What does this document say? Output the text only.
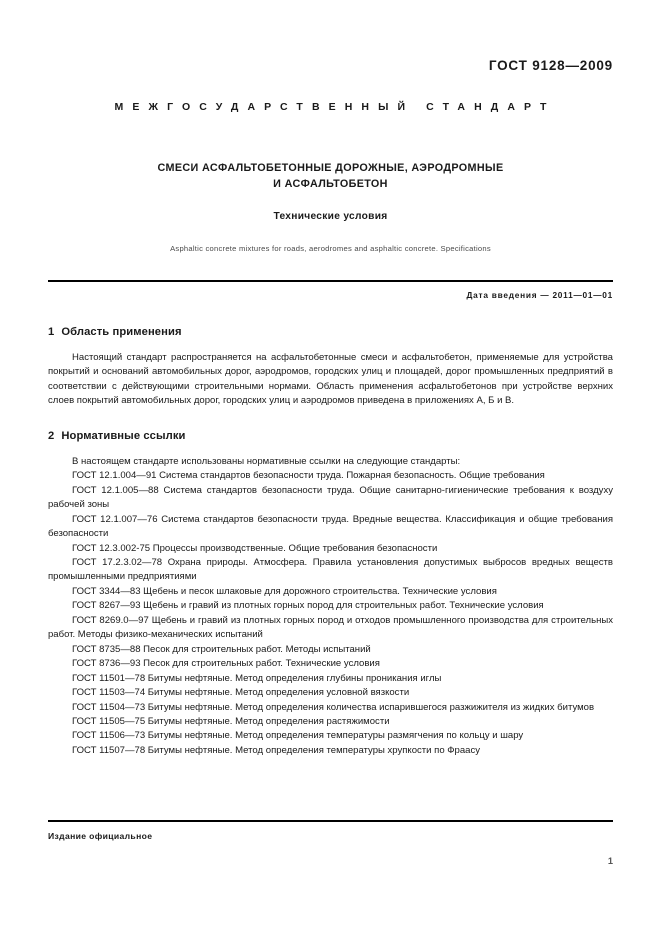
ГОСТ 9128—2009
МЕЖГОСУДАРСТВЕННЫЙ СТАНДАРТ
СМЕСИ АСФАЛЬТОБЕТОННЫЕ ДОРОЖНЫЕ, АЭРОДРОМНЫЕ
И АСФАЛЬТОБЕТОН
Технические условия
Asphaltic concrete mixtures for roads, aerodromes and asphaltic concrete. Specifications
Дата введения — 2011—01—01
1 Область применения

Настоящий стандарт распространяется на асфальтобетонные смеси и асфальтобетон, применяемые для устройства покрытий и оснований автомобильных дорог, аэродромов, городских улиц и площадей, дорог промышленных предприятий в соответствии с действующими строительными нормами. Область применения асфальтобетонов при устройстве верхних слоев покрытий автомобильных дорог, городских улиц и аэродромов приведена в приложениях А, Б и В.

2 Нормативные ссылки

В настоящем стандарте использованы нормативные ссылки на следующие стандарты:

ГОСТ 12.1.004—91 Система стандартов безопасности труда. Пожарная безопасность. Общие требования
ГОСТ 12.1.005—88 Система стандартов безопасности труда. Общие санитарно-гигиенические требования к воздуху рабочей зоны
ГОСТ 12.1.007—76 Система стандартов безопасности труда. Вредные вещества. Классификация и общие требования безопасности
ГОСТ 12.3.002-75 Процессы производственные. Общие требования безопасности
ГОСТ 17.2.3.02—78 Охрана природы. Атмосфера. Правила установления допустимых выбросов вредных веществ промышленными предприятиями
ГОСТ 3344—83 Щебень и песок шлаковые для дорожного строительства. Технические условия
ГОСТ 8267—93 Щебень и гравий из плотных горных пород для строительных работ. Технические условия
ГОСТ 8269.0—97 Щебень и гравий из плотных горных пород и отходов промышленного производства для строительных работ. Методы физико-механических испытаний
ГОСТ 8735—88 Песок для строительных работ. Методы испытаний
ГОСТ 8736—93 Песок для строительных работ. Технические условия
ГОСТ 11501—78 Битумы нефтяные. Метод определения глубины проникания иглы
ГОСТ 11503—74 Битумы нефтяные. Метод определения условной вязкости
ГОСТ 11504—73 Битумы нефтяные. Метод определения количества испарившегося разжижителя из жидких битумов
ГОСТ 11505—75 Битумы нефтяные. Метод определения растяжимости
ГОСТ 11506—73 Битумы нефтяные. Метод определения температуры размягчения по кольцу и шару
ГОСТ 11507—78 Битумы нефтяные. Метод определения температуры хрупкости по Фраасу
Издание официальное
1
